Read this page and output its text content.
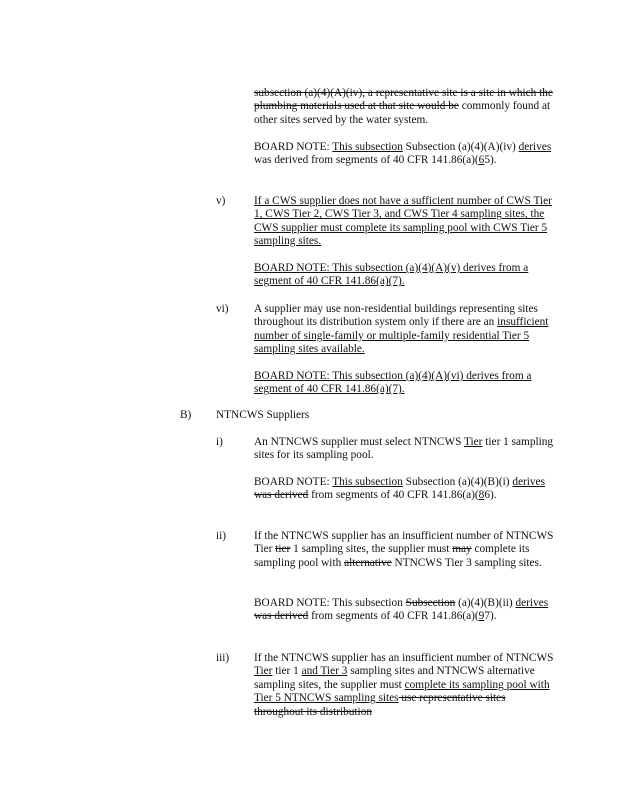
subsection (a)(4)(A)(iv), a representative site is a site in which the plumbing materials used at that site would be commonly found at other sites served by the water system.
BOARD NOTE: This subsection Subsection (a)(4)(A)(iv) derives was derived from segments of 40 CFR 141.86(a)(65).
v)	If a CWS supplier does not have a sufficient number of CWS Tier 1, CWS Tier 2, CWS Tier 3, and CWS Tier 4 sampling sites, the CWS supplier must complete its sampling pool with CWS Tier 5 sampling sites.
BOARD NOTE: This subsection (a)(4)(A)(v) derives from a segment of 40 CFR 141.86(a)(7).
vi) A supplier may use non-residential buildings representing sites throughout its distribution system only if there are an insufficient number of single-family or multiple-family residential Tier 5 sampling sites available.
BOARD NOTE: This subsection (a)(4)(A)(vi) derives from a segment of 40 CFR 141.86(a)(7).
B) NTNCWS Suppliers
i)	An NTNCWS supplier must select NTNCWS Tier tier 1 sampling sites for its sampling pool.
BOARD NOTE: This subsection Subsection (a)(4)(B)(i) derives was derived from segments of 40 CFR 141.86(a)(86).
ii) If the NTNCWS supplier has an insufficient number of NTNCWS Tier tier 1 sampling sites, the supplier must may complete its sampling pool with alternative NTNCWS Tier 3 sampling sites.
BOARD NOTE: This subsection Subsection (a)(4)(B)(ii) derives was derived from segments of 40 CFR 141.86(a)(97).
iii) If the NTNCWS supplier has an insufficient number of NTNCWS Tier tier 1 and Tier 3 sampling sites and NTNCWS alternative sampling sites, the supplier must complete its sampling pool with Tier 5 NTNCWS sampling sites use representative sites throughout its distribution
